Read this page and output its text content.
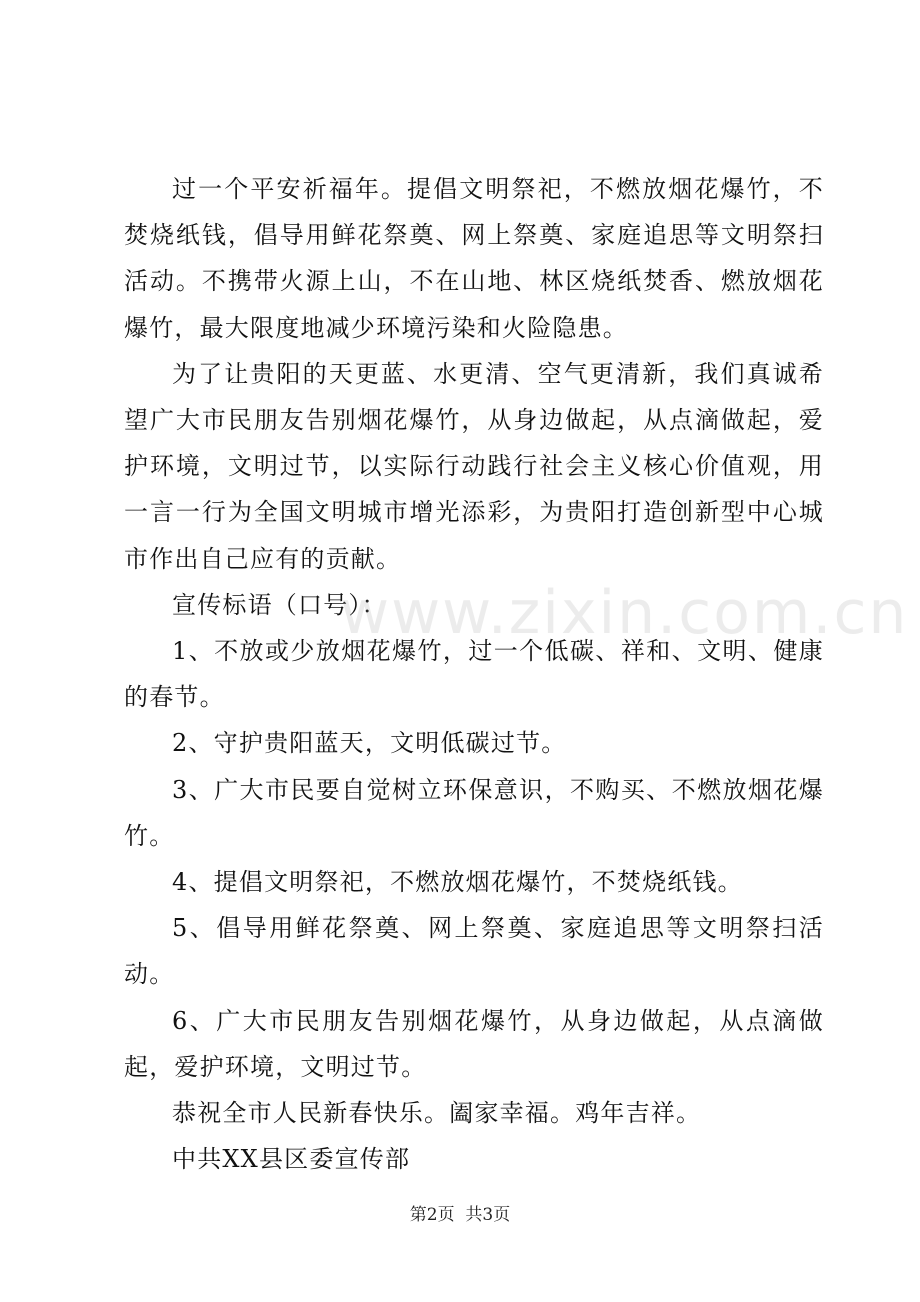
过一个平安祈福年。提倡文明祭祀，不燃放烟花爆竹，不焚烧纸钱，倡导用鲜花祭奠、网上祭奠、家庭追思等文明祭扫活动。不携带火源上山，不在山地、林区烧纸焚香、燃放烟花爆竹，最大限度地减少环境污染和火险隐患。

为了让贵阳的天更蓝、水更清、空气更清新，我们真诚希望广大市民朋友告别烟花爆竹，从身边做起，从点滴做起，爱护环境，文明过节，以实际行动践行社会主义核心价值观，用一言一行为全国文明城市增光添彩，为贵阳打造创新型中心城市作出自己应有的贡献。

宣传标语（口号）：

1、不放或少放烟花爆竹，过一个低碳、祥和、文明、健康的春节。

2、守护贵阳蓝天，文明低碳过节。

3、广大市民要自觉树立环保意识，不购买、不燃放烟花爆竹。

4、提倡文明祭祀，不燃放烟花爆竹，不焚烧纸钱。

5、倡导用鲜花祭奠、网上祭奠、家庭追思等文明祭扫活动。

6、广大市民朋友告别烟花爆竹，从身边做起，从点滴做起，爱护环境，文明过节。

恭祝全市人民新春快乐。阖家幸福。鸡年吉祥。

中共XX县区委宣传部

www.zixin.com.cn
第2页  共3页
